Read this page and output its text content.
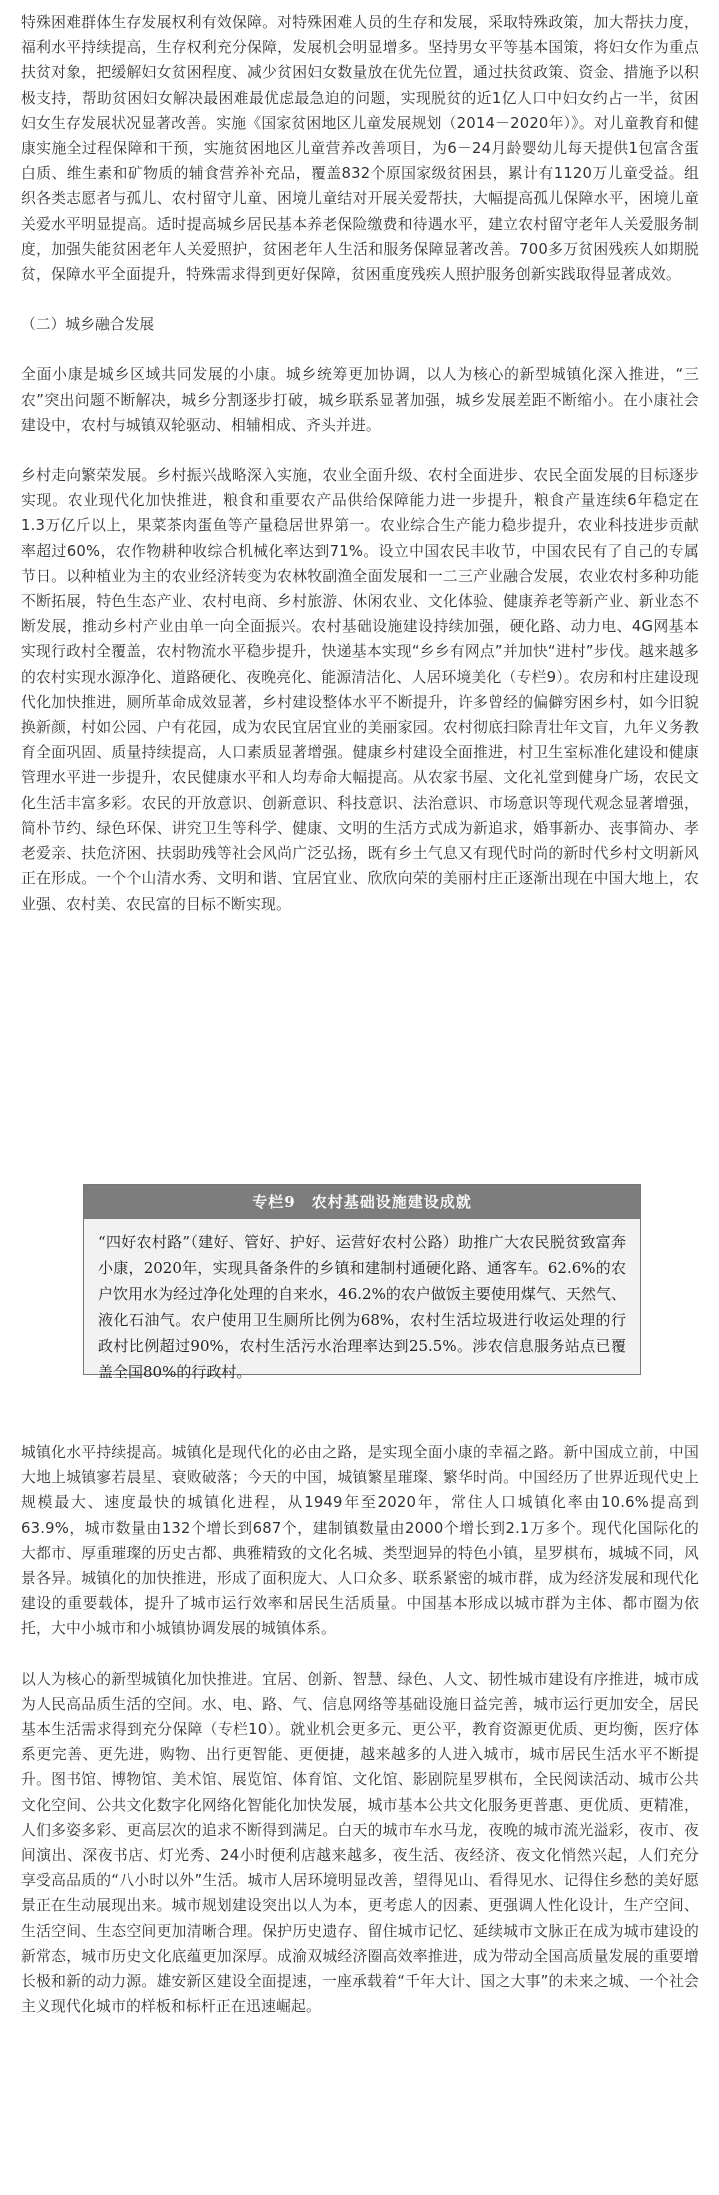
特殊困难群体生存发展权利有效保障。对特殊困难人员的生存和发展，采取特殊政策，加大帮扶力度，福利水平持续提高，生存权利充分保障，发展机会明显增多。坚持男女平等基本国策，将妇女作为重点扶贫对象，把缓解妇女贫困程度、减少贫困妇女数量放在优先位置，通过扶贫政策、资金、措施予以积极支持，帮助贫困妇女解决最困难最优虑最急迫的问题，实现脱贫的近1亿人口中妇女约占一半，贫困妇女生存发展状况显著改善。实施《国家贫困地区儿童发展规划（2014－2020年）》。对儿童教育和健康实施全过程保障和干预，实施贫困地区儿童营养改善项目，为6－24月龄婴幼儿每天提供1包富含蛋白质、维生素和矿物质的辅食营养补充品，覆盖832个原国家级贫困县，累计有1120万儿童受益。组织各类志愿者与孤儿、农村留守儿童、困境儿童结对开展关爱帮扶，大幅提高孤儿保障水平，困境儿童关爱水平明显提高。适时提高城乡居民基本养老保险缴费和待遇水平，建立农村留守老年人关爱服务制度，加强失能贫困老年人关爱照护，贫困老年人生活和服务保障显著改善。700多万贫困残疾人如期脱贫，保障水平全面提升，特殊需求得到更好保障，贫困重度残疾人照护服务创新实践取得显著成效。

（二）城乡融合发展

全面小康是城乡区域共同发展的小康。城乡统筹更加协调，以人为核心的新型城镇化深入推进，“三农”突出问题不断解决，城乡分割逐步打破，城乡联系显著加强，城乡发展差距不断缩小。在小康社会建设中，农村与城镇双轮驱动、相辅相成、齐头并进。

乡村走向繁荣发展。乡村振兴战略深入实施，农业全面升级、农村全面进步、农民全面发展的目标逐步实现。农业现代化加快推进，粮食和重要农产品供给保障能力进一步提升，粮食产量连续6年稳定在1.3万亿斤以上，果菜茶肉蛋鱼等产量稳居世界第一。农业综合生产能力稳步提升，农业科技进步贡献率超过60%，农作物耕种收综合机械化率达到71%。设立中国农民丰收节，中国农民有了自己的专属节日。以种植业为主的农业经济转变为农林牧副渔全面发展和一二三产业融合发展，农业农村多种功能不断拓展，特色生态产业、农村电商、乡村旅游、休闲农业、文化体验、健康养老等新产业、新业态不断发展，推动乡村产业由单一向全面振兴。农村基础设施建设持续加强，硬化路、动力电、4G网基本实现行政村全覆盖，农村物流水平稳步提升，快递基本实现“乡乡有网点”并加快“进村”步伐。越来越多的农村实现水源净化、道路硬化、夜晚亮化、能源清洁化、人居环境美化（专栏9）。农房和村庄建设现代化加快推进，厕所革命成效显著，乡村建设整体水平不断提升，许多曾经的偏僻穷困乡村，如今旧貌换新颜，村如公园、户有花园，成为农民宜居宜业的美丽家园。农村彻底扫除青壮年文盲，九年义务教育全面巩固、质量持续提高，人口素质显著增强。健康乡村建设全面推进，村卫生室标准化建设和健康管理水平进一步提升，农民健康水平和人均寿命大幅提高。从农家书屋、文化礼堂到健身广场，农民文化生活丰富多彩。农民的开放意识、创新意识、科技意识、法治意识、市场意识等现代观念显著增强，简朴节约、绿色环保、讲究卫生等科学、健康、文明的生活方式成为新追求，婚事新办、丧事简办、孝老爱亲、扶危济困、扶弱助残等社会风尚广泛弘扬，既有乡土气息又有现代时尚的新时代乡村文明新风正在形成。一个个山清水秀、文明和谐、宜居宜业、欣欣向荣的美丽村庄正逐渐出现在中国大地上，农业强、农村美、农民富的目标不断实现。

专栏9　农村基础设施建设成就
“四好农村路”（建好、管好、护好、运营好农村公路）助推广大农民脱贫致富奔小康，2020年，实现具备条件的乡镇和建制村通硬化路、通客车。62.6%的农户饮用水为经过净化处理的自来水，46.2%的农户做饭主要使用煤气、天然气、液化石油气。农户使用卫生厕所比例为68%，农村生活垃圾进行收运处理的行政村比例超过90%，农村生活污水治理率达到25.5%。涉农信息服务站点已覆盖全国80%的行政村。

城镇化水平持续提高。城镇化是现代化的必由之路，是实现全面小康的幸福之路。新中国成立前，中国大地上城镇寥若晨星、衰败破落；今天的中国，城镇繁星璀璨、繁华时尚。中国经历了世界近现代史上规模最大、速度最快的城镇化进程，从1949年至2020年，常住人口城镇化率由10.6%提高到63.9%，城市数量由132个增长到687个，建制镇数量由2000个增长到2.1万多个。现代化国际化的大都市、厚重璀璨的历史古都、典雅精致的文化名城、类型迥异的特色小镇，星罗棋布，城城不同，风景各异。城镇化的加快推进，形成了面积庞大、人口众多、联系紧密的城市群，成为经济发展和现代化建设的重要载体，提升了城市运行效率和居民生活质量。中国基本形成以城市群为主体、都市圈为依托，大中小城市和小城镇协调发展的城镇体系。

以人为核心的新型城镇化加快推进。宜居、创新、智慧、绿色、人文、韧性城市建设有序推进，城市成为人民高品质生活的空间。水、电、路、气、信息网络等基础设施日益完善，城市运行更加安全，居民基本生活需求得到充分保障（专栏10）。就业机会更多元、更公平，教育资源更优质、更均衡，医疗体系更完善、更先进，购物、出行更智能、更便捷，越来越多的人进入城市，城市居民生活水平不断提升。图书馆、博物馆、美术馆、展览馆、体育馆、文化馆、影剧院星罗棋布，全民阅读活动、城市公共文化空间、公共文化数字化网络化智能化加快发展，城市基本公共文化服务更普惠、更优质、更精准，人们多姿多彩、更高层次的追求不断得到满足。白天的城市车水马龙，夜晚的城市流光溢彩，夜市、夜间演出、深夜书店、灯光秀、24小时便利店越来越多，夜生活、夜经济、夜文化悄然兴起，人们充分享受高品质的“八小时以外”生活。城市人居环境明显改善，望得见山、看得见水、记得住乡愁的美好愿景正在生动展现出来。城市规划建设突出以人为本，更考虑人的因素、更强调人性化设计，生产空间、生活空间、生态空间更加清晰合理。保护历史遗存、留住城市记忆、延续城市文脉正在成为城市建设的新常态，城市历史文化底蕴更加深厚。成渝双城经济圈高效率推进，成为带动全国高质量发展的重要增长极和新的动力源。雄安新区建设全面提速，一座承载着“千年大计、国之大事”的未来之城、一个社会主义现代化城市的样板和标杆正在迅速崛起。
